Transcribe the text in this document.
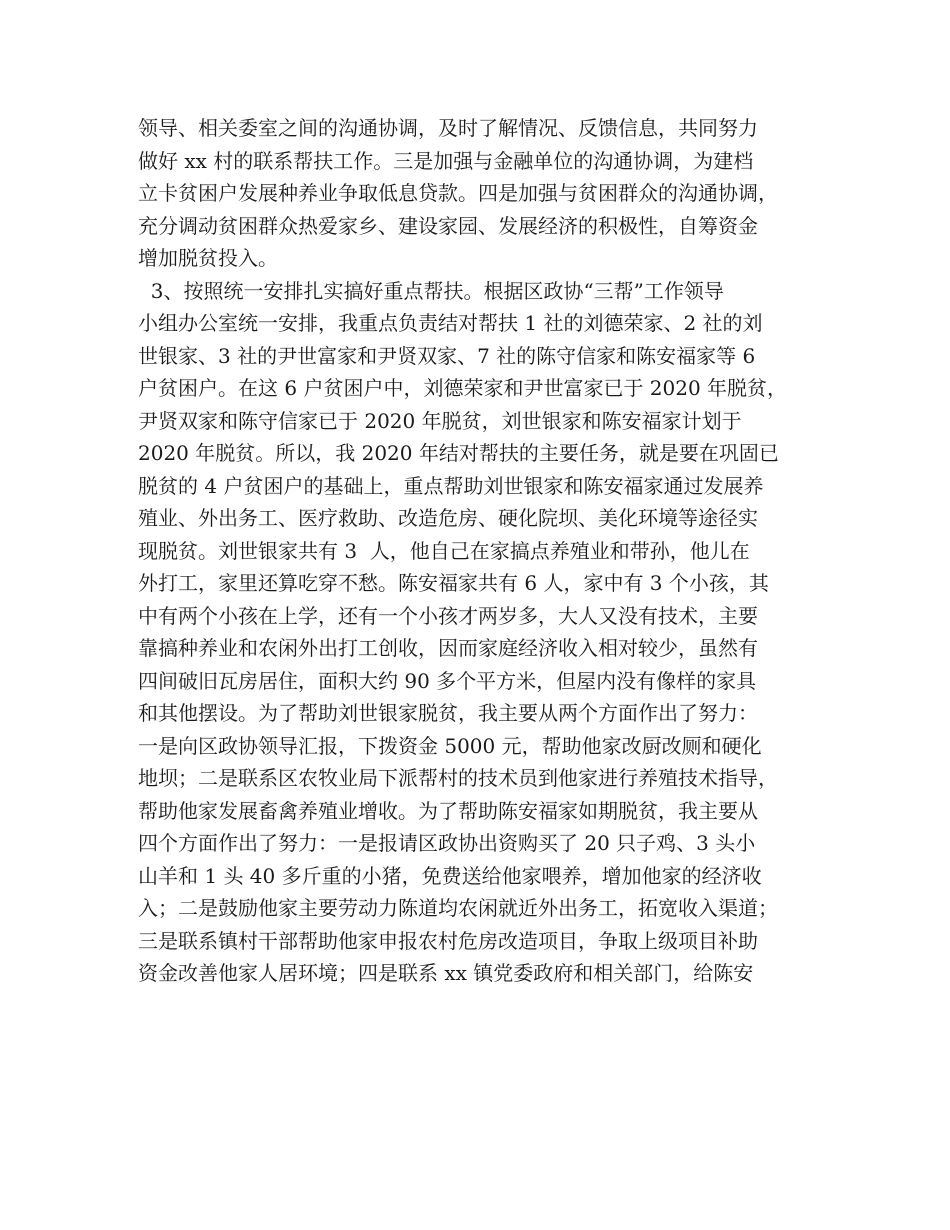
领导、相关委室之间的沟通协调，及时了解情况、反馈信息，共同努力
做好 xx 村的联系帮扶工作。三是加强与金融单位的沟通协调，为建档
立卡贫困户发展种养业争取低息贷款。四是加强与贫困群众的沟通协调，
充分调动贫困群众热爱家乡、建设家园、发展经济的积极性，自筹资金
增加脱贫投入。
3、按照统一安排扎实搞好重点帮扶。根据区政协“三帮”工作领导
小组办公室统一安排，我重点负责结对帮扶 1 社的刘德荣家、2 社的刘
世银家、3 社的尹世富家和尹贤双家、7 社的陈守信家和陈安福家等 6
户贫困户。在这 6 户贫困户中，刘德荣家和尹世富家已于 2020 年脱贫，
尹贤双家和陈守信家已于 2020 年脱贫，刘世银家和陈安福家计划于
2020 年脱贫。所以，我 2020 年结对帮扶的主要任务，就是要在巩固已
脱贫的 4 户贫困户的基础上，重点帮助刘世银家和陈安福家通过发展养
殖业、外出务工、医疗救助、改造危房、硬化院坝、美化环境等途径实
现脱贫。刘世银家共有 3  人，他自己在家搞点养殖业和带孙，他儿在
外打工，家里还算吃穿不愁。陈安福家共有 6 人，家中有 3 个小孩，其
中有两个小孩在上学，还有一个小孩才两岁多，大人又没有技术，主要
靠搞种养业和农闲外出打工创收，因而家庭经济收入相对较少，虽然有
四间破旧瓦房居住，面积大约 90 多个平方米，但屋内没有像样的家具
和其他摆设。为了帮助刘世银家脱贫，我主要从两个方面作出了努力：
一是向区政协领导汇报，下拨资金 5000 元，帮助他家改厨改厕和硬化
地坝；二是联系区农牧业局下派帮村的技术员到他家进行养殖技术指导，
帮助他家发展畜禽养殖业增收。为了帮助陈安福家如期脱贫，我主要从
四个方面作出了努力：一是报请区政协出资购买了 20 只子鸡、3 头小
山羊和 1 头 40 多斤重的小猪，免费送给他家喂养，增加他家的经济收
入；二是鼓励他家主要劳动力陈道均农闲就近外出务工，拓宽收入渠道；
三是联系镇村干部帮助他家申报农村危房改造项目，争取上级项目补助
资金改善他家人居环境；四是联系 xx 镇党委政府和相关部门，给陈安
